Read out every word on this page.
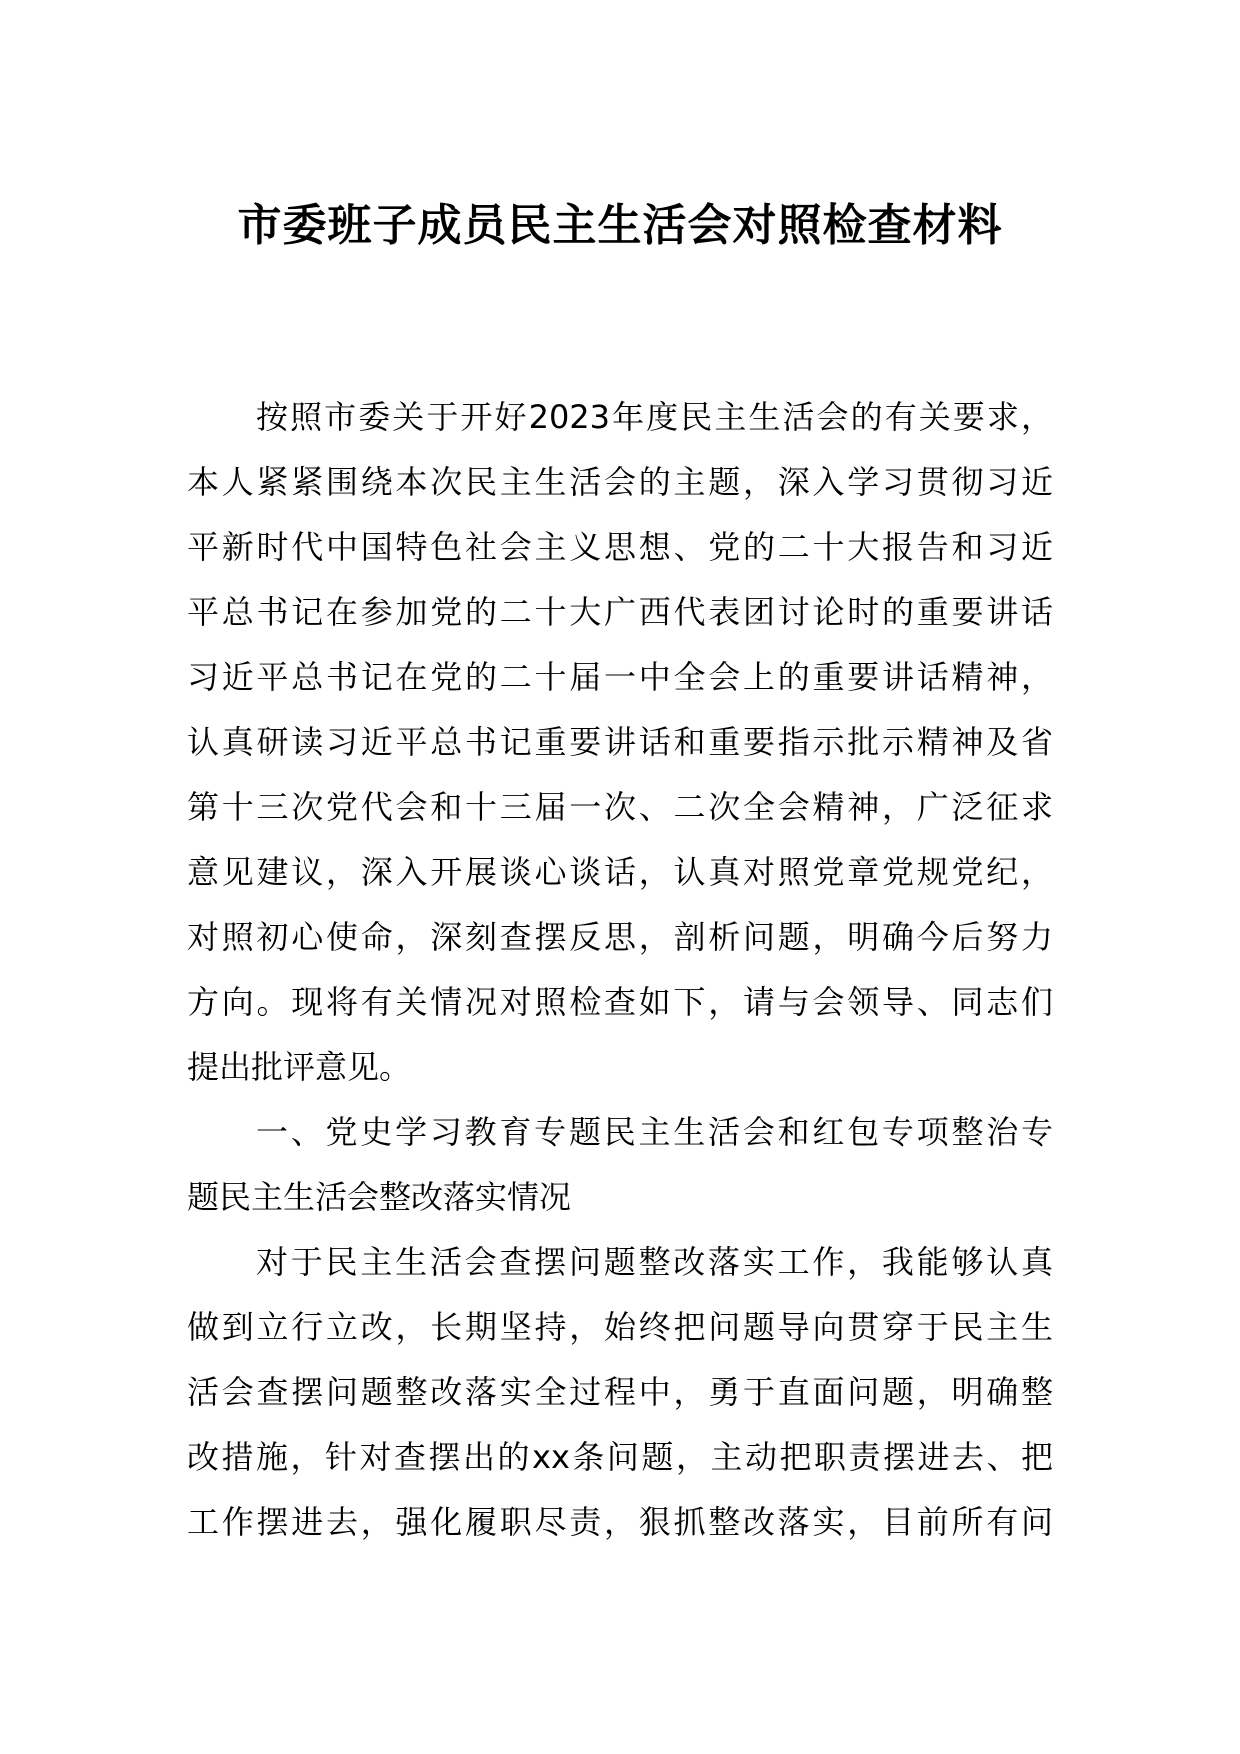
市委班子成员民主生活会对照检查材料
按照市委关于开好2023年度民主生活会的有关要求，
本人紧紧围绕本次民主生活会的主题，深入学习贯彻习近
平新时代中国特色社会主义思想、党的二十大报告和习近
平总书记在参加党的二十大广西代表团讨论时的重要讲话
习近平总书记在党的二十届一中全会上的重要讲话精神，
认真研读习近平总书记重要讲话和重要指示批示精神及省
第十三次党代会和十三届一次、二次全会精神，广泛征求
意见建议，深入开展谈心谈话，认真对照党章党规党纪，
对照初心使命，深刻查摆反思，剖析问题，明确今后努力
方向。现将有关情况对照检查如下，请与会领导、同志们
提出批评意见。
一、党史学习教育专题民主生活会和红包专项整治专
题民主生活会整改落实情况
对于民主生活会查摆问题整改落实工作，我能够认真
做到立行立改，长期坚持，始终把问题导向贯穿于民主生
活会查摆问题整改落实全过程中，勇于直面问题，明确整
改措施，针对查摆出的xx条问题，主动把职责摆进去、把
工作摆进去，强化履职尽责，狠抓整改落实，目前所有问
